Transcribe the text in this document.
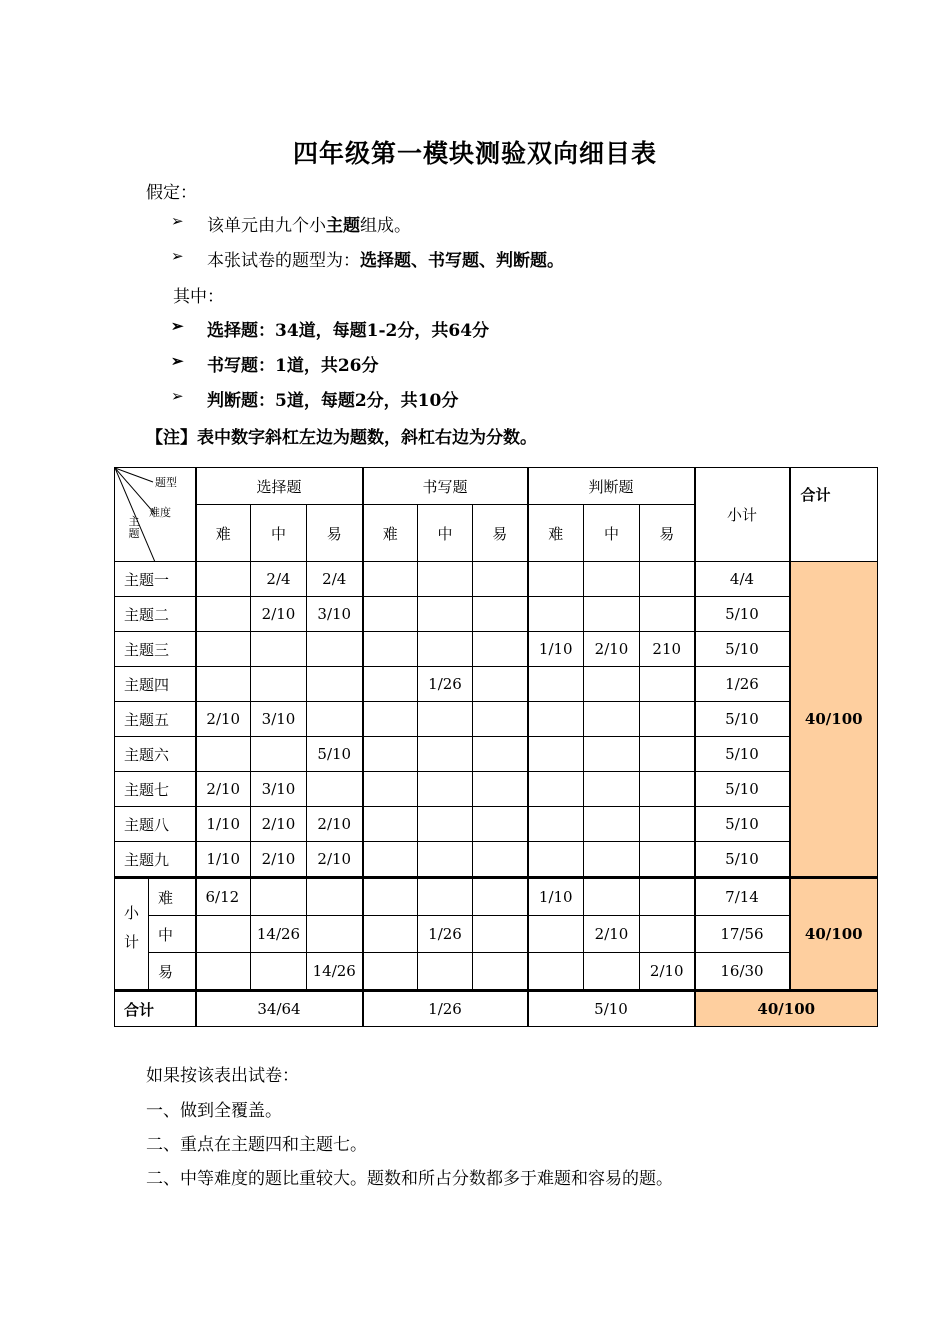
四年级第一模块测验双向细目表
假定：
➢ 该单元由九个小主题组成。
➢ 本张试卷的题型为：选择题、书写题、判断题。
其中：
➢ 选择题：34道，每题1-2分，共64分
➢ 书写题：1道，共26分
➢ 判断题：5道，每题2分，共10分
【注】表中数字斜杠左边为题数，斜杠右边为分数。
题型
难度
主题		选择题			书写题			判断题			小计	合计
		难	中	易	难	中	易	难	中	易		
主题一			2/4	2/4							4/4	40/100
主题二			2/10	3/10							5/10	
主题三								1/10	2/10	210	5/10	
主题四						1/26					1/26	
主题五		2/10	3/10								5/10	
主题六				5/10							5/10	
主题七		2/10	3/10								5/10	
主题八		1/10	2/10	2/10							5/10	
主题九		1/10	2/10	2/10							5/10	
小计	难	6/12						1/10			7/14	40/100
	中		14/26			1/26			2/10		17/56	
	易			14/26						2/10	16/30	
合计		34/64			1/26			5/10			40/100	
如果按该表出试卷：
一、做到全覆盖。
二、重点在主题四和主题七。
二、中等难度的题比重较大。题数和所占分数都多于难题和容易的题。
